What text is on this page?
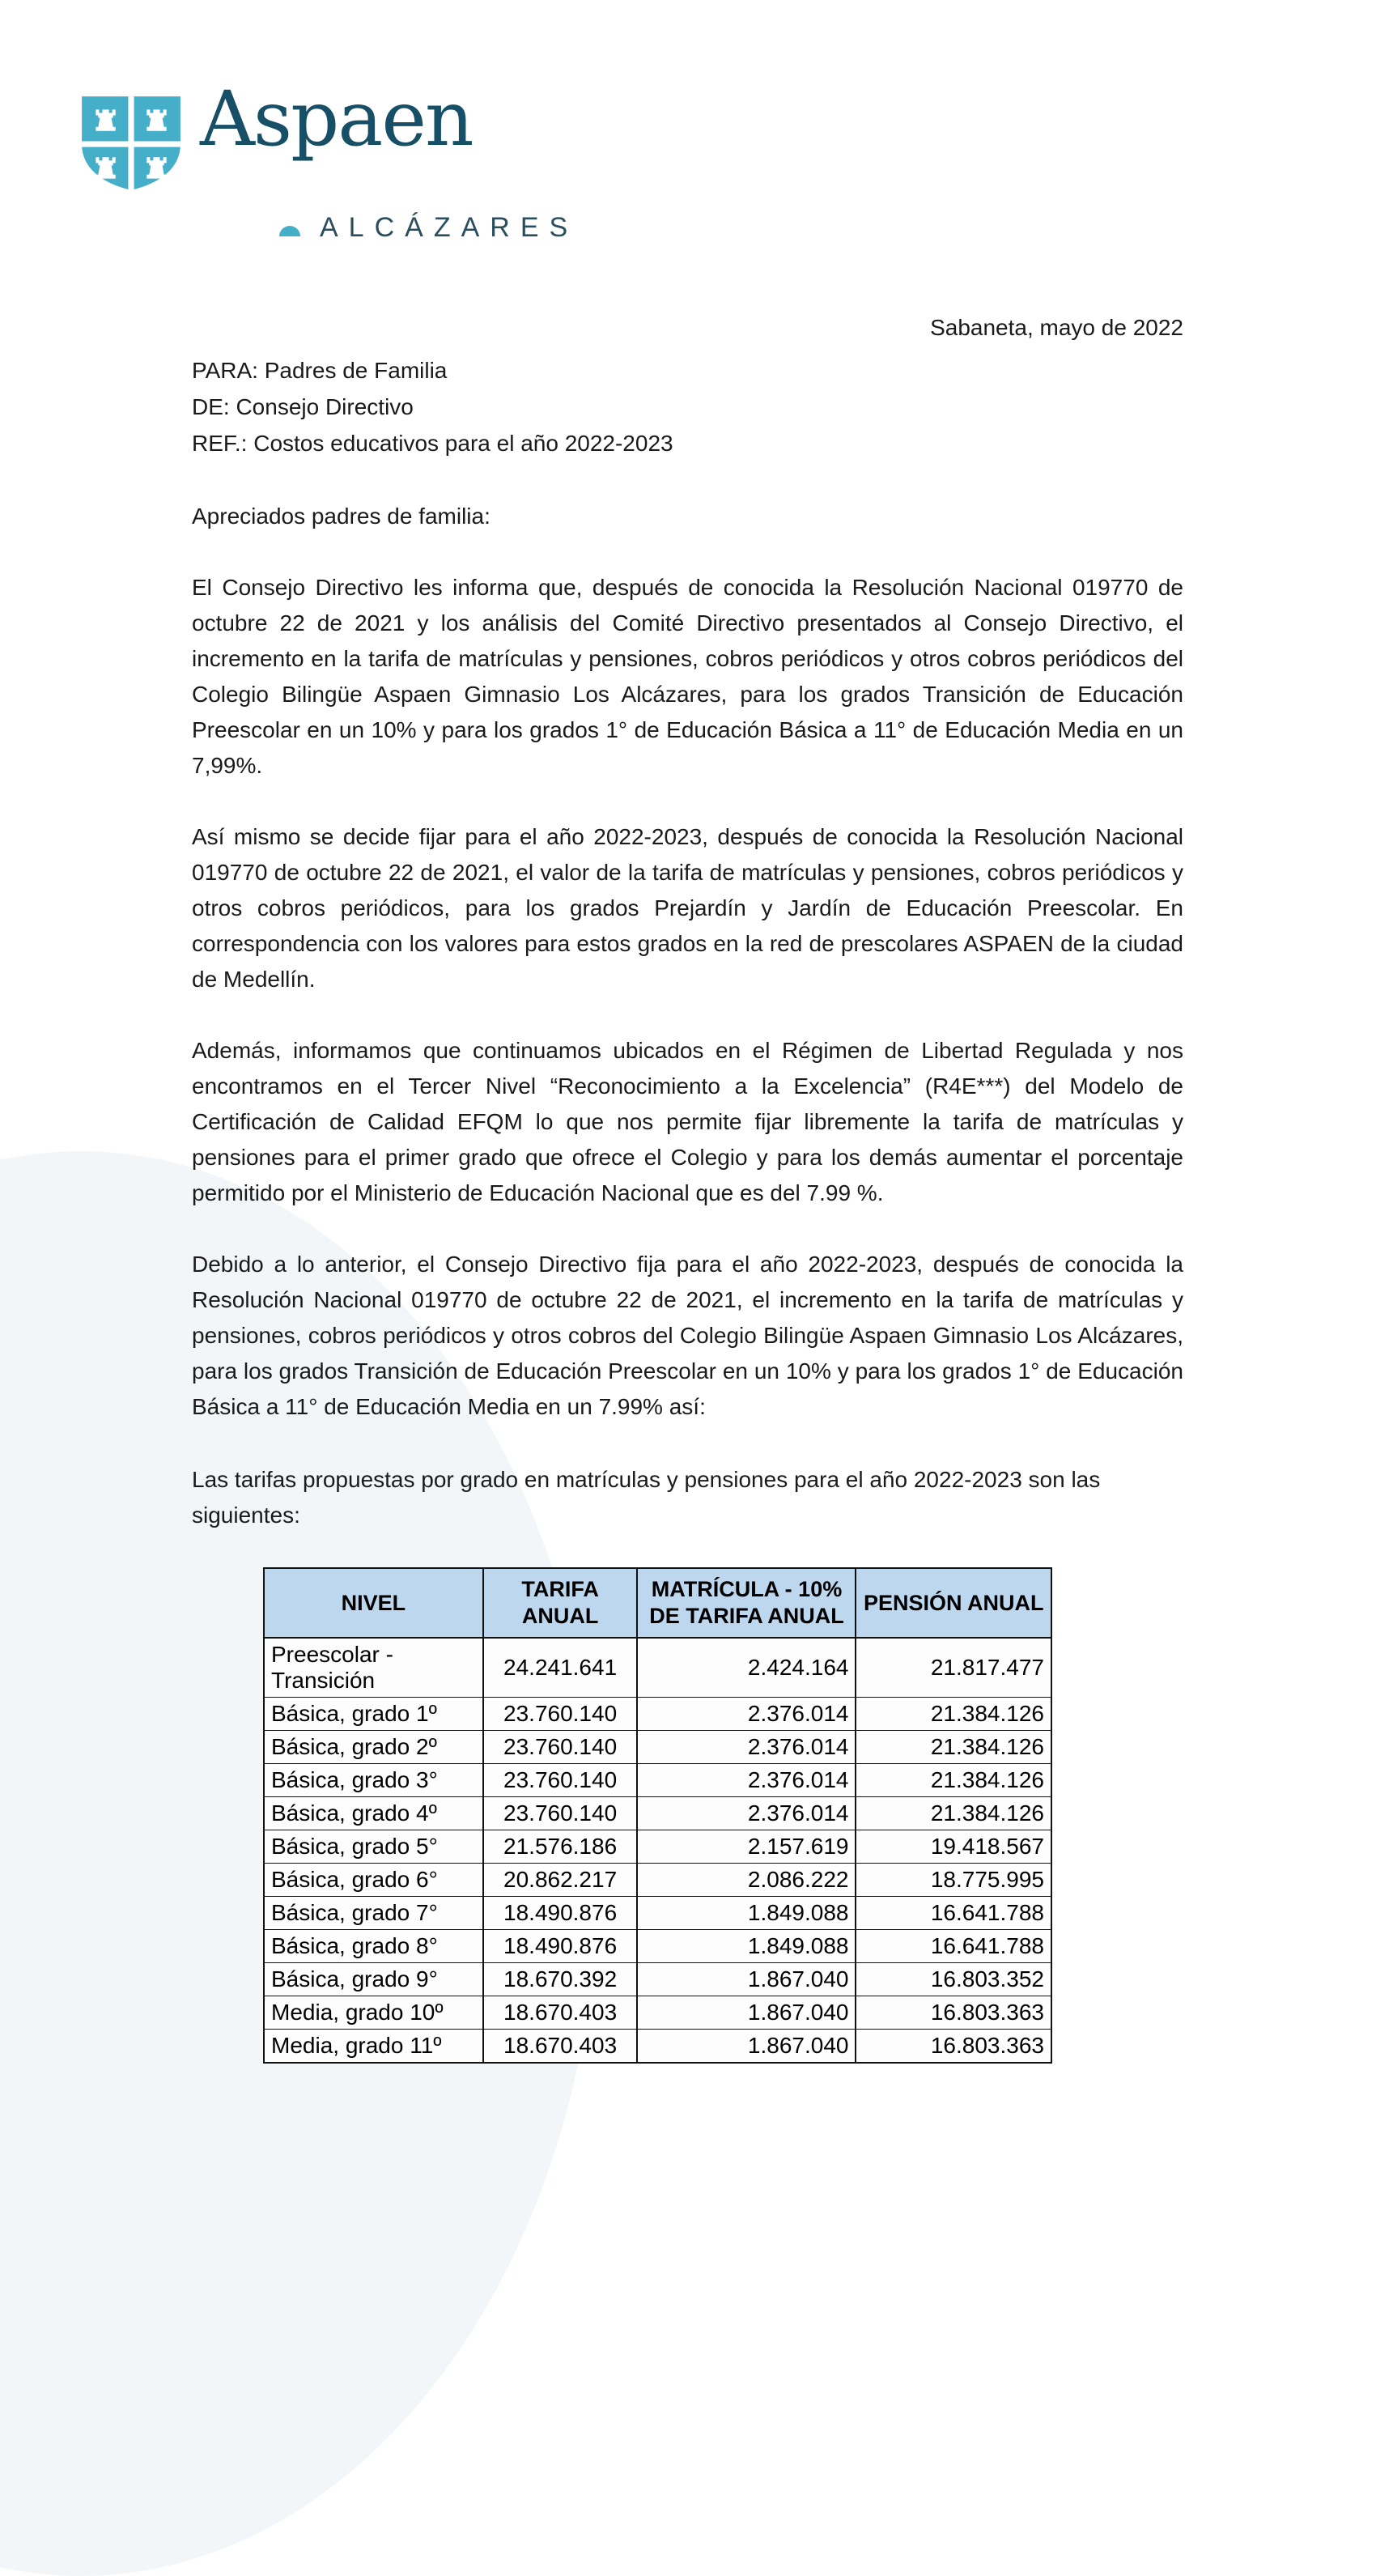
Aspaen
ALCÁZARES
Sabaneta, mayo de 2022
PARA: Padres de Familia
DE: Consejo Directivo
REF.: Costos educativos para el año 2022-2023
Apreciados padres de familia:

El Consejo Directivo les informa que, después de conocida la Resolución Nacional 019770 de octubre 22 de 2021 y los análisis del Comité Directivo presentados al Consejo Directivo, el incremento en la tarifa de matrículas y pensiones, cobros periódicos y otros cobros periódicos del Colegio Bilingüe Aspaen Gimnasio Los Alcázares, para los grados Transición de Educación Preescolar en un 10% y para los grados 1° de Educación Básica a 11° de Educación Media en un 7,99%.

Así mismo se decide fijar para el año 2022-2023, después de conocida la Resolución Nacional 019770 de octubre 22 de 2021, el valor de la tarifa de matrículas y pensiones, cobros periódicos y otros cobros periódicos, para los grados Prejardín y Jardín de Educación Preescolar. En correspondencia con los valores para estos grados en la red de prescolares ASPAEN de la ciudad de Medellín.

Además, informamos que continuamos ubicados en el Régimen de Libertad Regulada y nos encontramos en el Tercer Nivel “Reconocimiento a la Excelencia” (R4E***) del Modelo de Certificación de Calidad EFQM lo que nos permite fijar libremente la tarifa de matrículas y pensiones para el primer grado que ofrece el Colegio y para los demás aumentar el porcentaje permitido por el Ministerio de Educación Nacional que es del 7.99 %.

Debido a lo anterior, el Consejo Directivo fija para el año 2022-2023, después de conocida la Resolución Nacional 019770 de octubre 22 de 2021, el incremento en la tarifa de matrículas y pensiones, cobros periódicos y otros cobros del Colegio Bilingüe Aspaen Gimnasio Los Alcázares, para los grados Transición de Educación Preescolar en un 10% y para los grados 1° de Educación Básica a 11° de Educación Media en un 7.99% así:

Las tarifas propuestas por grado en matrículas y pensiones para el año 2022-2023 son las siguientes:
NIVEL	TARIFA ANUAL	MATRÍCULA - 10% DE TARIFA ANUAL	PENSIÓN ANUAL
Preescolar -Transición	24.241.641	2.424.164	21.817.477
Básica, grado 1º	23.760.140	2.376.014	21.384.126
Básica, grado 2º	23.760.140	2.376.014	21.384.126
Básica, grado 3°	23.760.140	2.376.014	21.384.126
Básica, grado 4º	23.760.140	2.376.014	21.384.126
Básica, grado 5°	21.576.186	2.157.619	19.418.567
Básica, grado 6°	20.862.217	2.086.222	18.775.995
Básica, grado 7°	18.490.876	1.849.088	16.641.788
Básica, grado 8°	18.490.876	1.849.088	16.641.788
Básica, grado 9°	18.670.392	1.867.040	16.803.352
Media, grado 10º	18.670.403	1.867.040	16.803.363
Media, grado 11º	18.670.403	1.867.040	16.803.363
